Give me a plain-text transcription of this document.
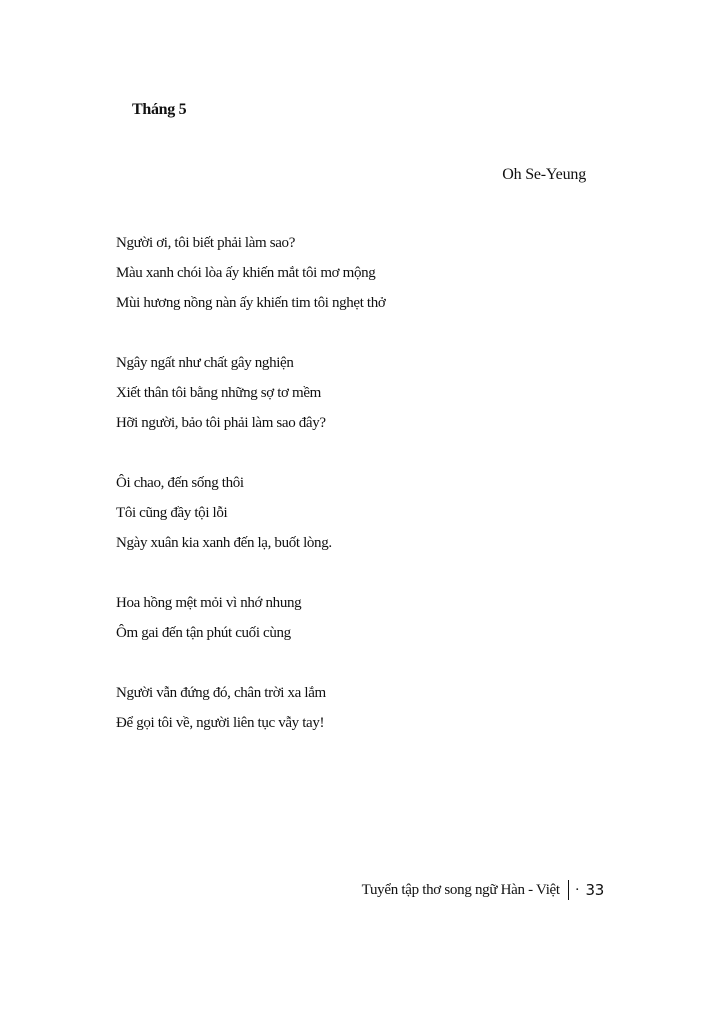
Tháng 5
Oh Se-Yeung
Người ơi, tôi biết phải làm sao?
Màu xanh chói lòa ấy khiến mắt tôi mơ mộng
Mùi hương nồng nàn ấy khiến tim tôi nghẹt thở
Ngây ngất như chất gây nghiện
Xiết thân tôi bằng những sợ tơ mềm
Hỡi người, bảo tôi phải làm sao đây?
Ôi chao, đến sống thôi
Tôi cũng đầy tội lỗi
Ngày xuân kia xanh đến lạ, buốt lòng.
Hoa hồng mệt mỏi vì nhớ nhung
Ôm gai đến tận phút cuối cùng
Người vẫn đứng đó, chân trời xa lắm
Để gọi tôi về, người liên tục vẫy tay!
Tuyển tập thơ song ngữ Hàn - Việt · 33
